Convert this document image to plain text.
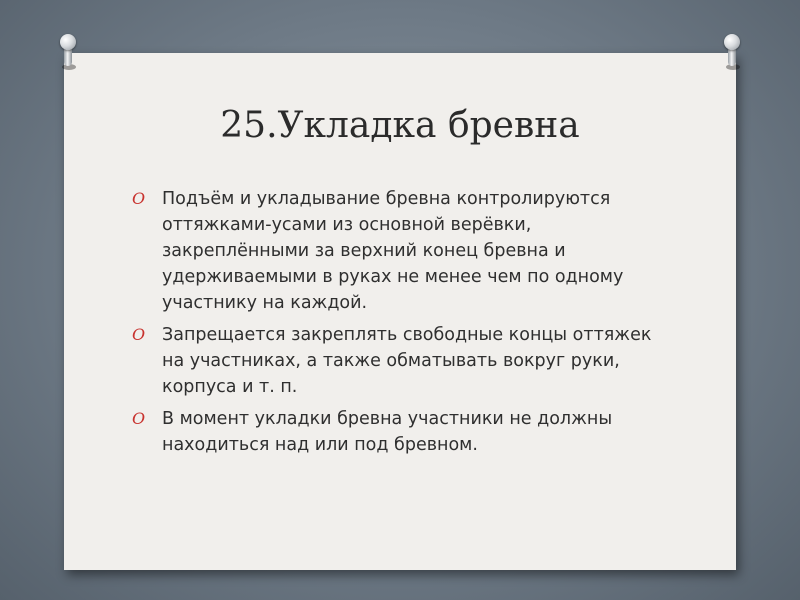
25.Укладка бревна
O Подъём и укладывание бревна контролируются оттяжками-усами из основной верёвки, закреплёнными за верхний конец бревна и удерживаемыми в руках не менее чем по одному участнику на каждой.
O Запрещается закреплять свободные концы оттяжек на участниках, а также обматывать вокруг руки, корпуса и т. п.
O В момент укладки бревна участники не должны находиться над или под бревном.
